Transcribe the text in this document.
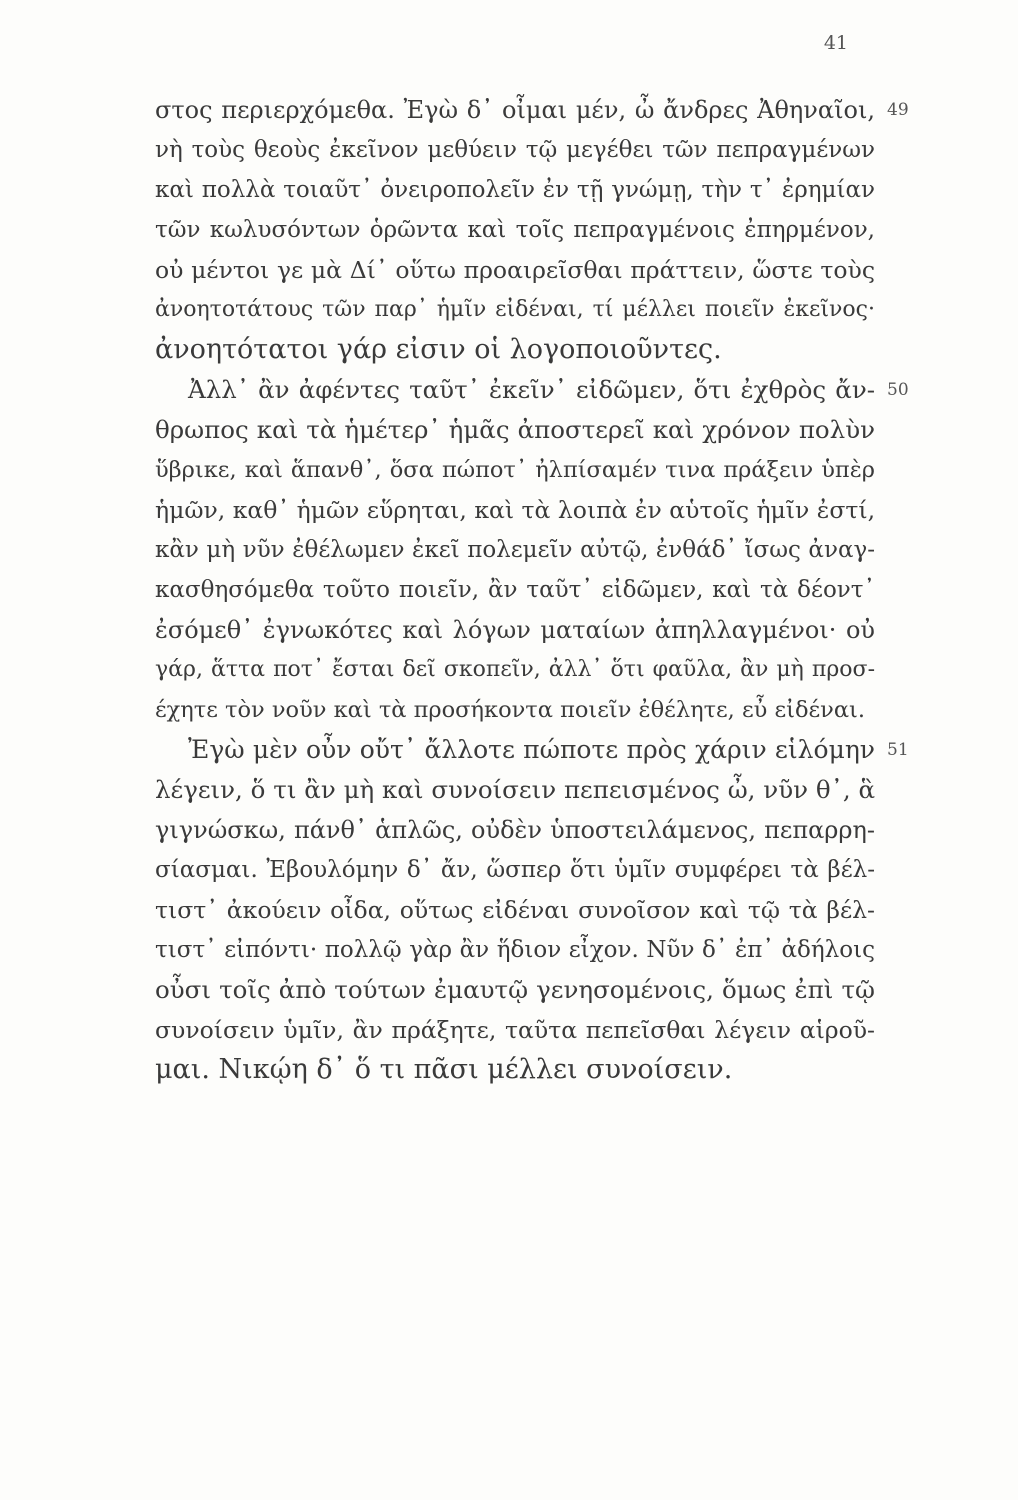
41
στος περιερχόμεθα. Ἐγὼ δ᾿ οἶμαι μέν, ὦ ἄνδρες Ἀθηναῖοι, 49
νὴ τοὺς θεοὺς ἐκεῖνον μεθύειν τῷ μεγέθει τῶν πεπραγμένων
καὶ πολλὰ τοιαῦτ᾿ ὀνειροπολεῖν ἐν τῇ γνώμῃ, τὴν τ᾿ ἐρημίαν
τῶν κωλυσόντων ὁρῶντα καὶ τοῖς πεπραγμένοις ἐπηρμένον,
οὐ μέντοι γε μὰ Δί᾿ οὕτω προαιρεῖσθαι πράττειν, ὥστε τοὺς
ἀνοητοτάτους τῶν παρ᾿ ἡμῖν εἰδέναι, τί μέλλει ποιεῖν ἐκεῖνος·
ἀνοητότατοι γάρ εἰσιν οἱ λογοποιοῦντες.
Ἀλλ᾿ ἂν ἀφέντες ταῦτ᾿ ἐκεῖν᾿ εἰδῶμεν, ὅτι ἐχθρὸς ἄν- 50
θρωπος καὶ τὰ ἡμέτερ᾿ ἡμᾶς ἀποστερεῖ καὶ χρόνον πολὺν
ὕβρικε, καὶ ἅπανθ᾿, ὅσα πώποτ᾿ ἠλπίσαμέν τινα πράξειν ὑπὲρ
ἡμῶν, καθ᾿ ἡμῶν εὕρηται, καὶ τὰ λοιπὰ ἐν αὑτοῖς ἡμῖν ἐστί,
κἂν μὴ νῦν ἐθέλωμεν ἐκεῖ πολεμεῖν αὐτῷ, ἐνθάδ᾿ ἴσως ἀναγ-
κασθησόμεθα τοῦτο ποιεῖν, ἂν ταῦτ᾿ εἰδῶμεν, καὶ τὰ δέοντ᾿
ἐσόμεθ᾿ ἐγνωκότες καὶ λόγων ματαίων ἀπηλλαγμένοι· οὐ
γάρ, ἅττα ποτ᾿ ἔσται δεῖ σκοπεῖν, ἀλλ᾿ ὅτι φαῦλα, ἂν μὴ προσ-
έχητε τὸν νοῦν καὶ τὰ προσήκοντα ποιεῖν ἐθέλητε, εὖ εἰδέναι.
Ἐγὼ μὲν οὖν οὔτ᾿ ἄλλοτε πώποτε πρὸς χάριν εἱλόμην 51
λέγειν, ὅ τι ἂν μὴ καὶ συνοίσειν πεπεισμένος ὦ, νῦν θ᾿, ἃ
γιγνώσκω, πάνθ᾿ ἁπλῶς, οὐδὲν ὑποστειλάμενος, πεπαρρη-
σίασμαι. Ἐβουλόμην δ᾿ ἄν, ὥσπερ ὅτι ὑμῖν συμφέρει τὰ βέλ-
τιστ᾿ ἀκούειν οἶδα, οὕτως εἰδέναι συνοῖσον καὶ τῷ τὰ βέλ-
τιστ᾿ εἰπόντι· πολλῷ γὰρ ἂν ἥδιον εἶχον. Νῦν δ᾿ ἐπ᾿ ἀδήλοις
οὖσι τοῖς ἀπὸ τούτων ἐμαυτῷ γενησομένοις, ὅμως ἐπὶ τῷ
συνοίσειν ὑμῖν, ἂν πράξητε, ταῦτα πεπεῖσθαι λέγειν αἱροῦ-
μαι. Νικῴη δ᾿ ὅ τι πᾶσι μέλλει συνοίσειν.
